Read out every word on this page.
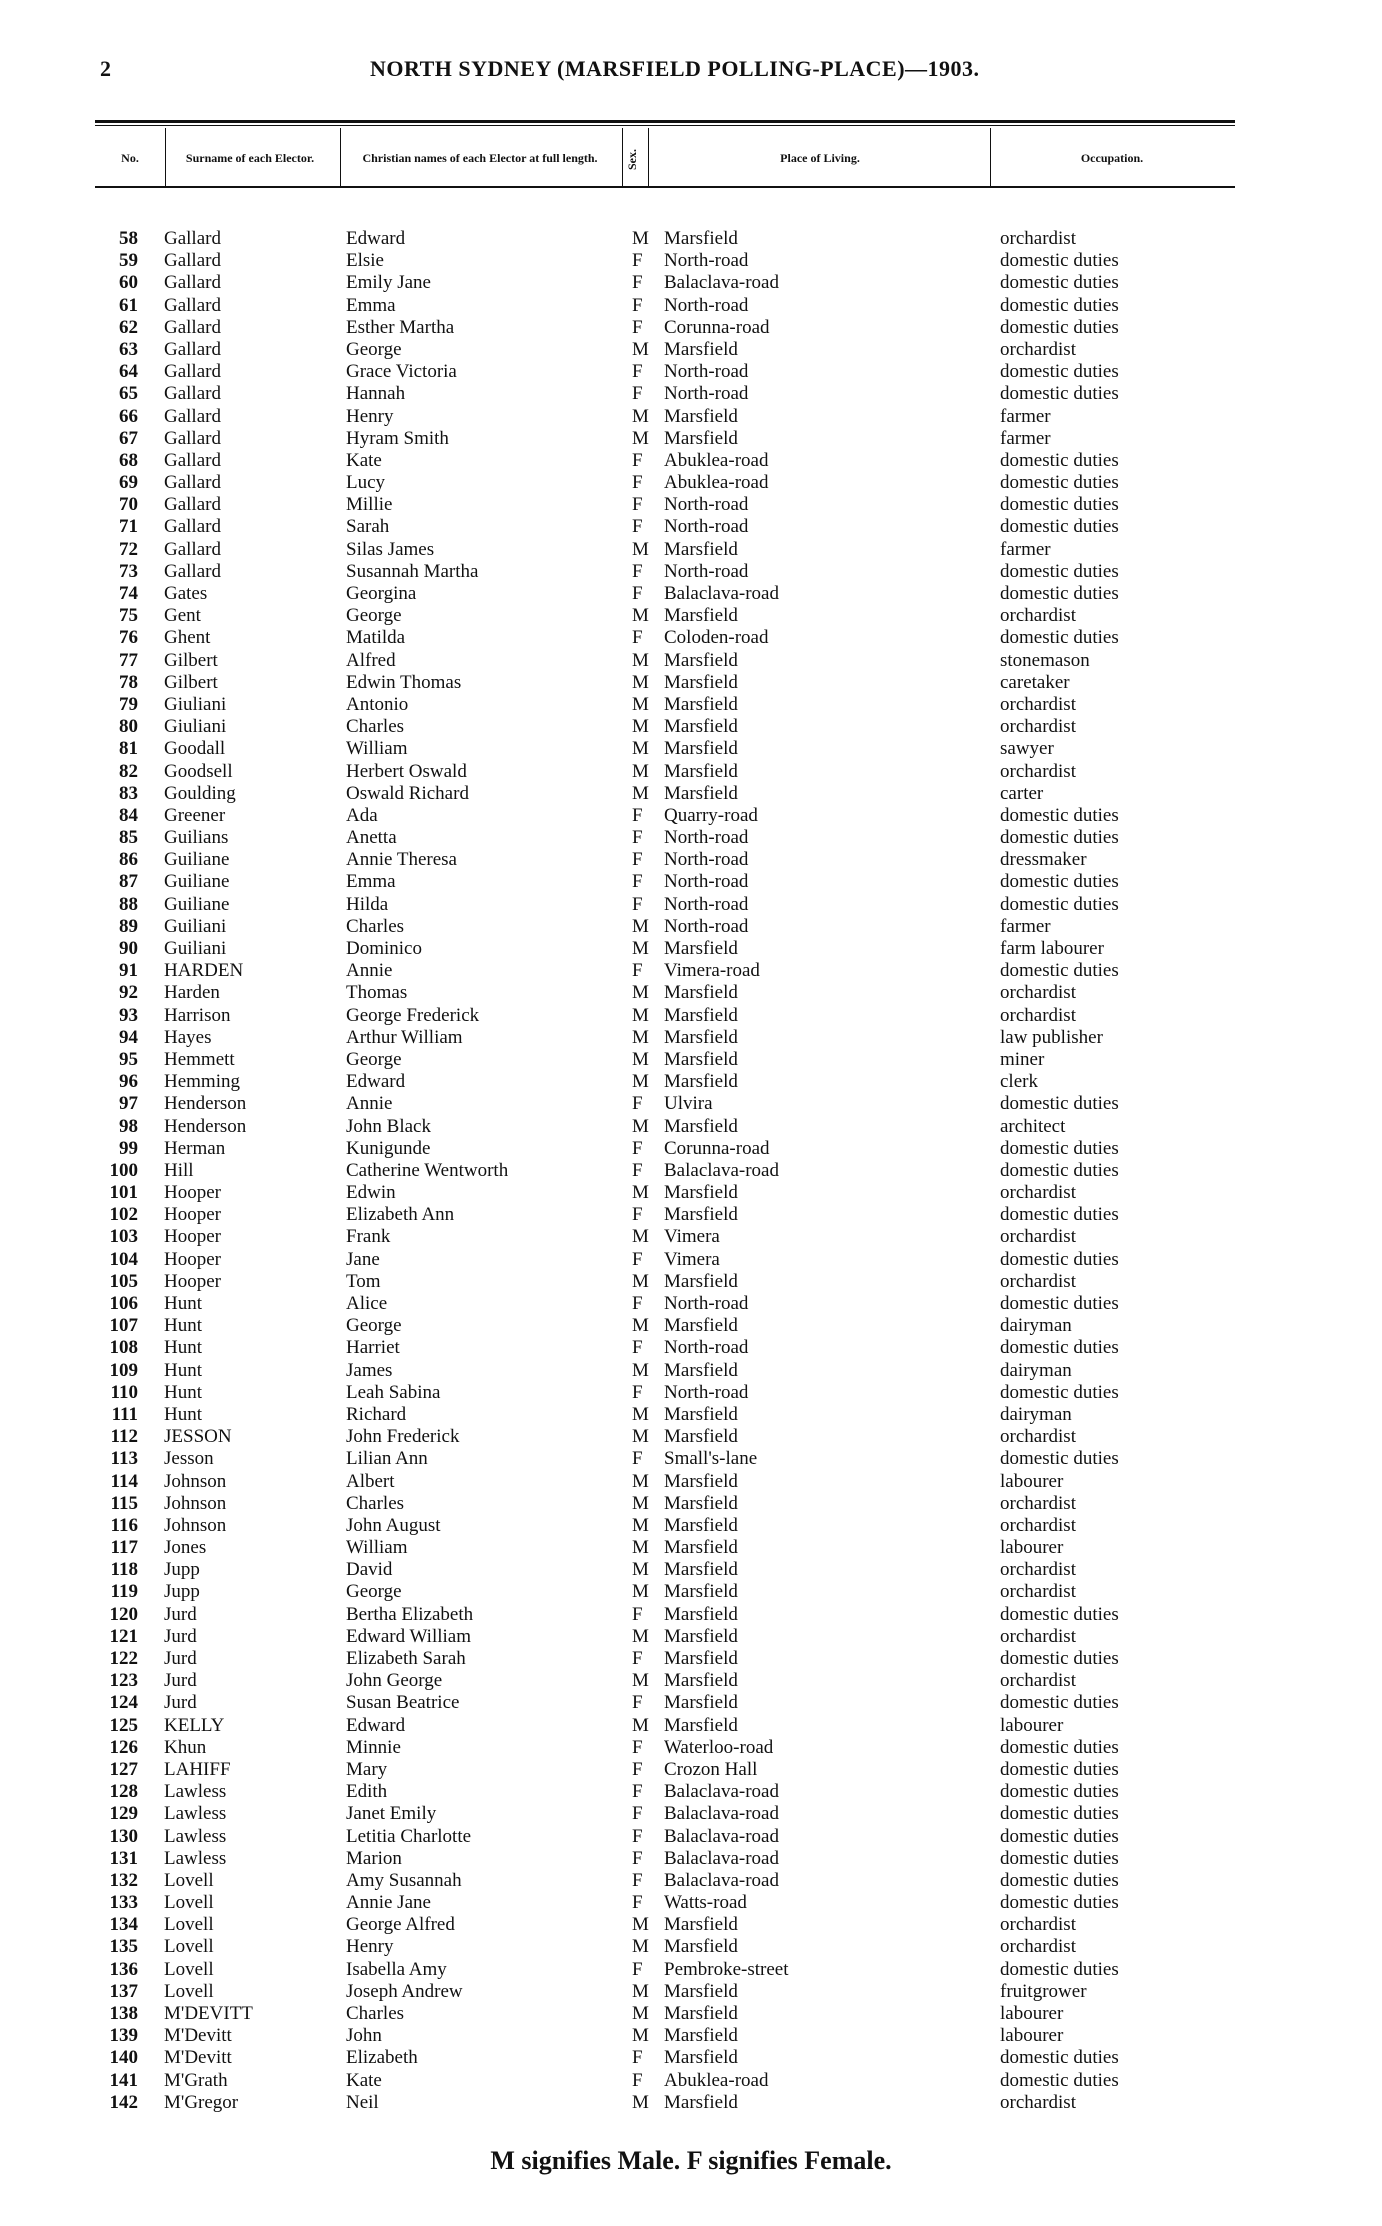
2	NORTH SYDNEY (MARSFIELD POLLING-PLACE)—1903.
No.	Surname of each Elector.	Christian names of each Elector at full length.	Sex.	Place of Living.	Occupation.
58 Gallard	Edward	M Marsfield	orchardist
59 Gallard	Elsie	F North-road	domestic duties
60 Gallard	Emily Jane	F Balaclava-road	domestic duties
61 Gallard	Emma	F North-road	domestic duties
62 Gallard	Esther Martha	F Corunna-road	domestic duties
63 Gallard	George	M Marsfield	orchardist
64 Gallard	Grace Victoria	F North-road	domestic duties
65 Gallard	Hannah	F North-road	domestic duties
66 Gallard	Henry	M Marsfield	farmer
67 Gallard	Hyram Smith	M Marsfield	farmer
68 Gallard	Kate	F Abuklea-road	domestic duties
69 Gallard	Lucy	F Abuklea-road	domestic duties
70 Gallard	Millie	F North-road	domestic duties
71 Gallard	Sarah	F North-road	domestic duties
72 Gallard	Silas James	M Marsfield	farmer
73 Gallard	Susannah Martha	F North-road	domestic duties
74 Gates	Georgina	F Balaclava-road	domestic duties
75 Gent	George	M Marsfield	orchardist
76 Ghent	Matilda	F Coloden-road	domestic duties
77 Gilbert	Alfred	M Marsfield	stonemason
78 Gilbert	Edwin Thomas	M Marsfield	caretaker
79 Giuliani	Antonio	M Marsfield	orchardist
80 Giuliani	Charles	M Marsfield	orchardist
81 Goodall	William	M Marsfield	sawyer
82 Goodsell	Herbert Oswald	M Marsfield	orchardist
83 Goulding	Oswald Richard	M Marsfield	carter
84 Greener	Ada	F Quarry-road	domestic duties
85 Guilians	Anetta	F North-road	domestic duties
86 Guiliane	Annie Theresa	F North-road	dressmaker
87 Guiliane	Emma	F North-road	domestic duties
88 Guiliane	Hilda	F North-road	domestic duties
89 Guiliani	Charles	M North-road	farmer
90 Guiliani	Dominico	M Marsfield	farm labourer
91 HARDEN	Annie	F Vimera-road	domestic duties
92 Harden	Thomas	M Marsfield	orchardist
93 Harrison	George Frederick	M Marsfield	orchardist
94 Hayes	Arthur William	M Marsfield	law publisher
95 Hemmett	George	M Marsfield	miner
96 Hemming	Edward	M Marsfield	clerk
97 Henderson	Annie	F Ulvira	domestic duties
98 Henderson	John Black	M Marsfield	architect
99 Herman	Kunigunde	F Corunna-road	domestic duties
100 Hill	Catherine Wentworth	F Balaclava-road	domestic duties
101 Hooper	Edwin	M Marsfield	orchardist
102 Hooper	Elizabeth Ann	F Marsfield	domestic duties
103 Hooper	Frank	M Vimera	orchardist
104 Hooper	Jane	F Vimera	domestic duties
105 Hooper	Tom	M Marsfield	orchardist
106 Hunt	Alice	F North-road	domestic duties
107 Hunt	George	M Marsfield	dairyman
108 Hunt	Harriet	F North-road	domestic duties
109 Hunt	James	M Marsfield	dairyman
110 Hunt	Leah Sabina	F North-road	domestic duties
111 Hunt	Richard	M Marsfield	dairyman
112 JESSON	John Frederick	M Marsfield	orchardist
113 Jesson	Lilian Ann	F Small's-lane	domestic duties
114 Johnson	Albert	M Marsfield	labourer
115 Johnson	Charles	M Marsfield	orchardist
116 Johnson	John August	M Marsfield	orchardist
117 Jones	William	M Marsfield	labourer
118 Jupp	David	M Marsfield	orchardist
119 Jupp	George	M Marsfield	orchardist
120 Jurd	Bertha Elizabeth	F Marsfield	domestic duties
121 Jurd	Edward William	M Marsfield	orchardist
122 Jurd	Elizabeth Sarah	F Marsfield	domestic duties
123 Jurd	John George	M Marsfield	orchardist
124 Jurd	Susan Beatrice	F Marsfield	domestic duties
125 KELLY	Edward	M Marsfield	labourer
126 Khun	Minnie	F Waterloo-road	domestic duties
127 LAHIFF	Mary	F Crozon Hall	domestic duties
128 Lawless	Edith	F Balaclava-road	domestic duties
129 Lawless	Janet Emily	F Balaclava-road	domestic duties
130 Lawless	Letitia Charlotte	F Balaclava-road	domestic duties
131 Lawless	Marion	F Balaclava-road	domestic duties
132 Lovell	Amy Susannah	F Balaclava-road	domestic duties
133 Lovell	Annie Jane	F Watts-road	domestic duties
134 Lovell	George Alfred	M Marsfield	orchardist
135 Lovell	Henry	M Marsfield	orchardist
136 Lovell	Isabella Amy	F Pembroke-street	domestic duties
137 Lovell	Joseph Andrew	M Marsfield	fruitgrower
138 M'DEVITT	Charles	M Marsfield	labourer
139 M'Devitt	John	M Marsfield	labourer
140 M'Devitt	Elizabeth	F Marsfield	domestic duties
141 M'Grath	Kate	F Abuklea-road	domestic duties
142 M'Gregor	Neil	M Marsfield	orchardist
M signifies Male. F signifies Female.
